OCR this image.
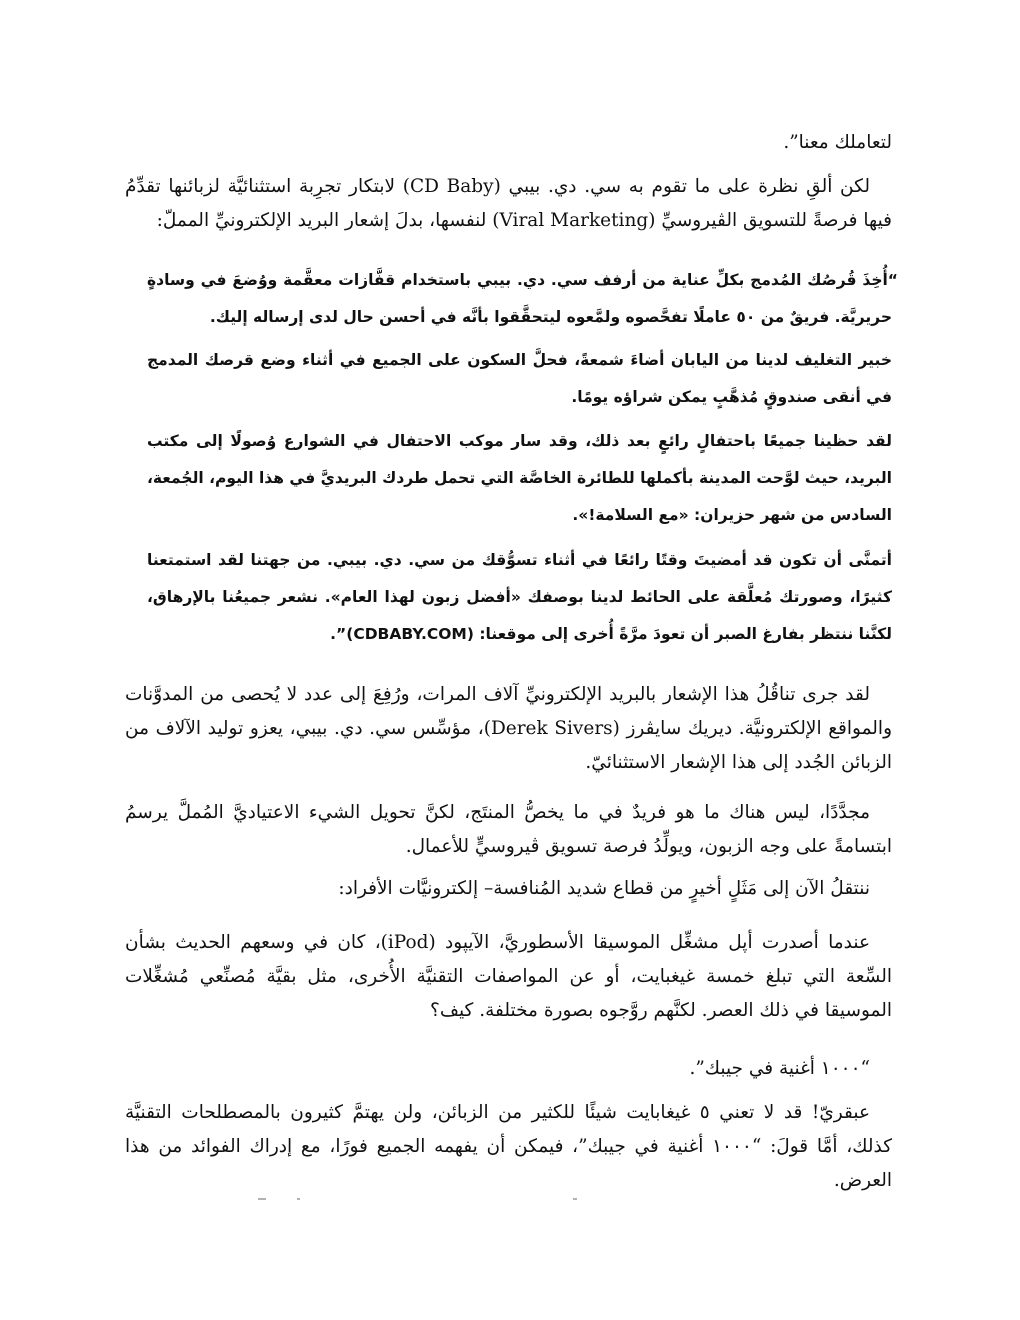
لتعاملك معنا”.
لكن ألقِ نظرة على ما تقوم به سي. دي. بيبي (CD Baby) لابتكار تجرِبة استثنائيَّة لزبائنها تقدِّمُ فيها فرصةً للتسويق الڤيروسيِّ (Viral Marketing) لنفسها، بدلَ إشعار البريد الإلكترونيِّ المملّ:
“أُخِذَ قُرصُك المُدمج بكلِّ عناية من أرفف سي. دي. بيبي باستخدام قفَّازات معقَّمة ووُضعَ في وسادةٍ حريريَّة. فريقٌ من ٥٠ عاملًا تفحَّصوه ولمَّعوه ليتحقَّقوا بأنَّه في أحسن حال لدى إرساله إليك.
خبير التغليف لدينا من اليابان أضاءَ شمعةً، فحلَّ السكون على الجميع في أثناء وضع قرصك المدمج في أنقى صندوقٍ مُذهَّبٍ يمكن شراؤه يومًا.
لقد حظينا جميعًا باحتفالٍ رائعٍ بعد ذلك، وقد سار موكب الاحتفال في الشوارع وُصولًا إلى مكتب البريد، حيث لوَّحت المدينة بأكملها للطائرة الخاصَّة التي تحمل طردك البريديَّ في هذا اليوم، الجُمعة، السادس من شهر حزيران: «مع السلامة!».
أتمنَّى أن تكون قد أمضيتَ وقتًا رائعًا في أثناء تسوُّقك من سي. دي. بيبي. من جهتنا لقد استمتعنا كثيرًا، وصورتك مُعلَّقة على الحائط لدينا بوصفك «أفضل زبون لهذا العام». نشعر جميعُنا بالإرهاق، لكنَّنا ننتظر بفارغ الصبر أن تعودَ مرَّةً أُخرى إلى موقعنا: (CDBABY.COM)”.
لقد جرى تناقُلُ هذا الإشعار بالبريد الإلكترونيِّ آلاف المرات، ورُفِعَ إلى عدد لا يُحصى من المدوَّنات والمواقع الإلكترونيَّة. ديريك سايڤرز (Derek Sivers)، مؤسِّس سي. دي. بيبي، يعزو توليد الآلاف من الزبائن الجُدد إلى هذا الإشعار الاستثنائيّ.
مجدَّدًا، ليس هناك ما هو فريدٌ في ما يخصُّ المنتَج، لكنَّ تحويل الشيء الاعتياديَّ المُملَّ يرسمُ ابتسامةً على وجه الزبون، ويولِّدُ فرصة تسويق ڤيروسيٍّ للأعمال.
ننتقلُ الآن إلى مَثَلٍ أخيرٍ من قطاع شديد المُنافسة– إلكترونيَّات الأفراد:
عندما أصدرت أپل مشغِّل الموسيقا الأسطوريَّ، الآيپود (iPod)، كان في وسعهم الحديث بشأن السِّعة التي تبلغ خمسة غيغبايت، أو عن المواصفات التقنيَّة الأُخرى، مثل بقيَّة مُصنِّعي مُشغِّلات الموسيقا في ذلك العصر. لكنَّهم روَّجوه بصورة مختلفة. كيف؟
“١٠٠٠ أغنية في جيبك”.
عبقريّ! قد لا تعني ٥ غيغابايت شيئًا للكثير من الزبائن، ولن يهتمَّ كثيرون بالمصطلحات التقنيَّة كذلك، أمَّا قولَ: “١٠٠٠ أغنية في جيبك”، فيمكن أن يفهمه الجميع فورًا، مع إدراك الفوائد من هذا العرض.
